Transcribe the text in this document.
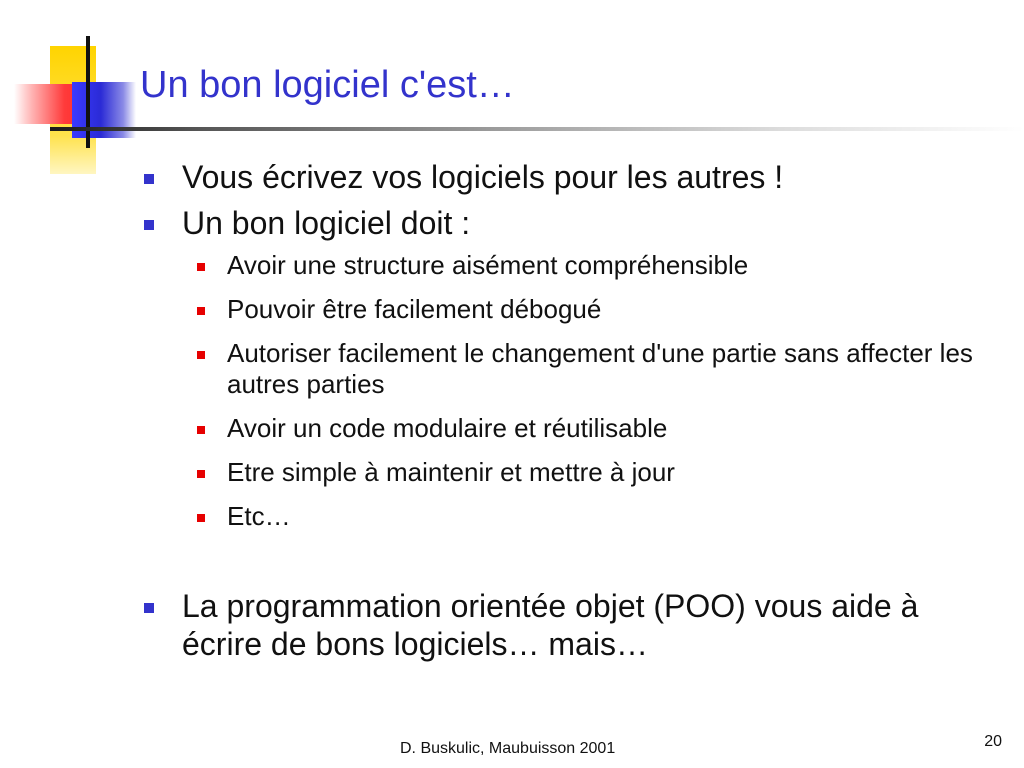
Un bon logiciel c'est…
Vous écrivez vos logiciels pour les autres !
Un bon logiciel doit :
Avoir une structure aisément compréhensible
Pouvoir être facilement débogué
Autoriser facilement le changement d'une partie sans affecter les autres parties
Avoir un code modulaire et réutilisable
Etre simple à maintenir et mettre à jour
Etc…
La programmation orientée objet (POO) vous aide à écrire de bons logiciels… mais…
D. Buskulic, Maubuisson 2001	20
